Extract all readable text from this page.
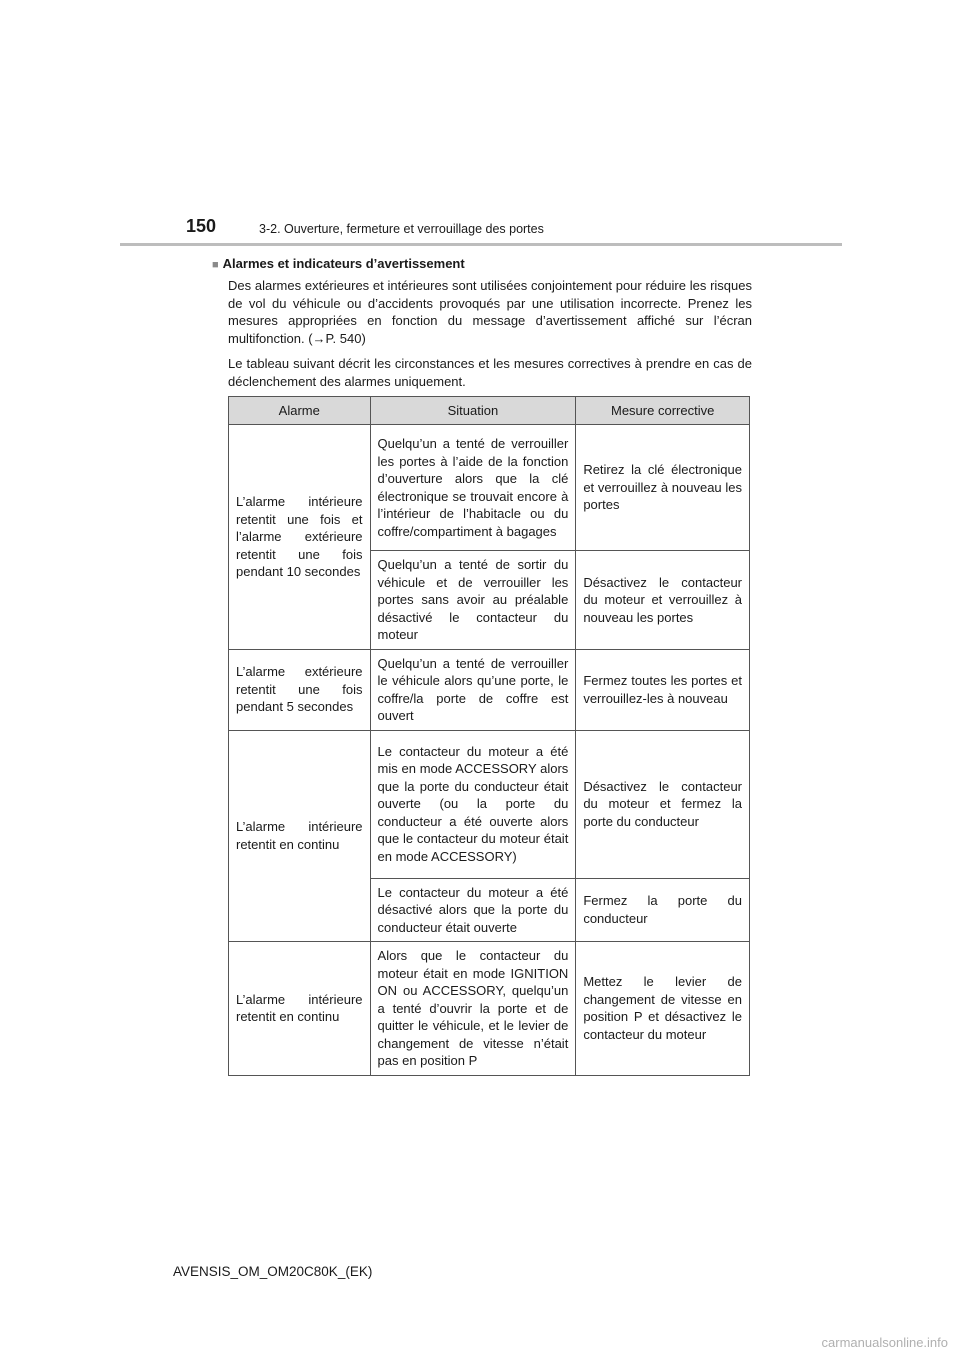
150	3-2. Ouverture, fermeture et verrouillage des portes

■ Alarmes et indicateurs d’avertissement

Des alarmes extérieures et intérieures sont utilisées conjointement pour réduire les risques de vol du véhicule ou d’accidents provoqués par une utilisation incorrecte. Prenez les mesures appropriées en fonction du message d’avertissement affiché sur l’écran multifonction. (→P. 540)

Le tableau suivant décrit les circonstances et les mesures correctives à prendre en cas de déclenchement des alarmes uniquement.

Alarme	Situation	Mesure corrective
L’alarme intérieure retentit une fois et l’alarme extérieure retentit une fois pendant 10 secondes	Quelqu’un a tenté de verrouiller les portes à l’aide de la fonction d’ouverture alors que la clé électronique se trouvait encore à l’intérieur de l’habitacle ou du coffre/compartiment à bagages	Retirez la clé électronique et verrouillez à nouveau les portes
	Quelqu’un a tenté de sortir du véhicule et de verrouiller les portes sans avoir au préalable désactivé le contacteur du moteur	Désactivez le contacteur du moteur et verrouillez à nouveau les portes
L’alarme extérieure retentit une fois pendant 5 secondes	Quelqu’un a tenté de verrouiller le véhicule alors qu’une porte, le coffre/la porte de coffre est ouvert	Fermez toutes les portes et verrouillez-les à nouveau
L’alarme intérieure retentit en continu	Le contacteur du moteur a été mis en mode ACCESSORY alors que la porte du conducteur était ouverte (ou la porte du conducteur a été ouverte alors que le contacteur du moteur était en mode ACCESSORY)	Désactivez le contacteur du moteur et fermez la porte du conducteur
	Le contacteur du moteur a été désactivé alors que la porte du conducteur était ouverte	Fermez la porte du conducteur
L’alarme intérieure retentit en continu	Alors que le contacteur du moteur était en mode IGNITION ON ou ACCESSORY, quelqu’un a tenté d’ouvrir la porte et de quitter le véhicule, et le levier de changement de vitesse n’était pas en position P	Mettez le levier de changement de vitesse en position P et désactivez le contacteur du moteur
AVENSIS_OM_OM20C80K_(EK)
carmanualsonline.info
